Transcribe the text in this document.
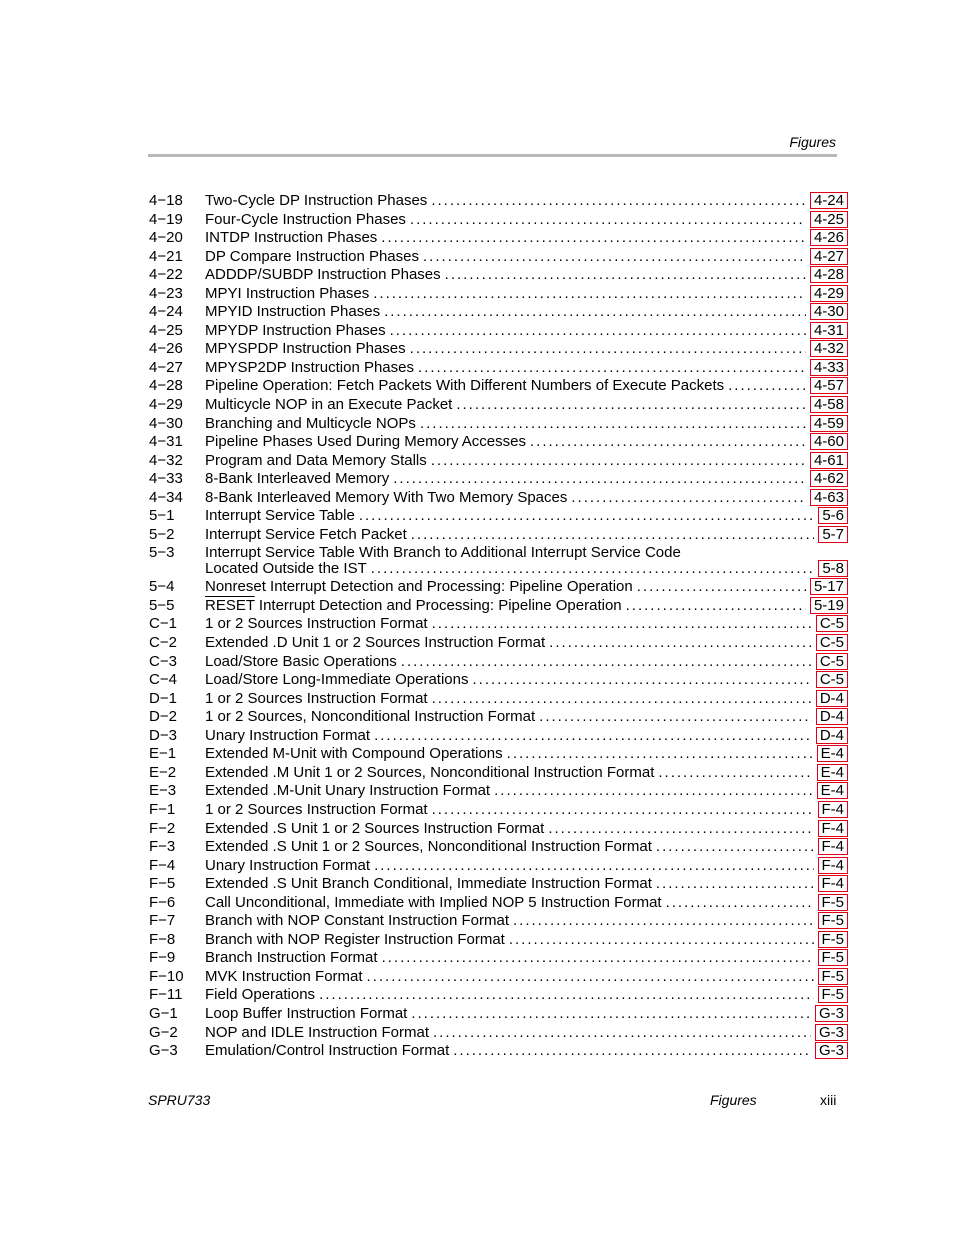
Figures
4−18 Two-Cycle DP Instruction Phases .....	4-24
4−19 Four-Cycle Instruction Phases .....	4-25
4−20 INTDP Instruction Phases .....	4-26
4−21 DP Compare Instruction Phases .....	4-27
4−22 ADDDP/SUBDP Instruction Phases .....	4-28
4−23 MPYI Instruction Phases .....	4-29
4−24 MPYID Instruction Phases .....	4-30
4−25 MPYDP Instruction Phases .....	4-31
4−26 MPYSPDP Instruction Phases .....	4-32
4−27 MPYSP2DP Instruction Phases .....	4-33
4−28 Pipeline Operation: Fetch Packets With Different Numbers of Execute Packets .....	4-57
4−29 Multicycle NOP in an Execute Packet .....	4-58
4−30 Branching and Multicycle NOPs .....	4-59
4−31 Pipeline Phases Used During Memory Accesses .....	4-60
4−32 Program and Data Memory Stalls .....	4-61
4−33 8-Bank Interleaved Memory .....	4-62
4−34 8-Bank Interleaved Memory With Two Memory Spaces .....	4-63
5−1 Interrupt Service Table .....	5-6
5−2 Interrupt Service Fetch Packet .....	5-7
5−3 Interrupt Service Table With Branch to Additional Interrupt Service Code
Located Outside the IST .....	5-8
5−4 Nonreset Interrupt Detection and Processing: Pipeline Operation .....	5-17
5−5 RESET Interrupt Detection and Processing: Pipeline Operation .....	5-19
C−1 1 or 2 Sources Instruction Format .....	C-5
C−2 Extended .D Unit 1 or 2 Sources Instruction Format .....	C-5
C−3 Load/Store Basic Operations .....	C-5
C−4 Load/Store Long-Immediate Operations .....	C-5
D−1 1 or 2 Sources Instruction Format .....	D-4
D−2 1 or 2 Sources, Nonconditional Instruction Format .....	D-4
D−3 Unary Instruction Format .....	D-4
E−1 Extended M-Unit with Compound Operations .....	E-4
E−2 Extended .M Unit 1 or 2 Sources, Nonconditional Instruction Format .....	E-4
E−3 Extended .M-Unit Unary Instruction Format .....	E-4
F−1 1 or 2 Sources Instruction Format .....	F-4
F−2 Extended .S Unit 1 or 2 Sources Instruction Format .....	F-4
F−3 Extended .S Unit 1 or 2 Sources, Nonconditional Instruction Format .....	F-4
F−4 Unary Instruction Format .....	F-4
F−5 Extended .S Unit Branch Conditional, Immediate Instruction Format .....	F-4
F−6 Call Unconditional, Immediate with Implied NOP 5 Instruction Format .....	F-5
F−7 Branch with NOP Constant Instruction Format .....	F-5
F−8 Branch with NOP Register Instruction Format .....	F-5
F−9 Branch Instruction Format .....	F-5
F−10 MVK Instruction Format .....	F-5
F−11 Field Operations .....	F-5
G−1 Loop Buffer Instruction Format .....	G-3
G−2 NOP and IDLE Instruction Format .....	G-3
G−3 Emulation/Control Instruction Format .....	G-3
SPRU733	Figures	xiii
